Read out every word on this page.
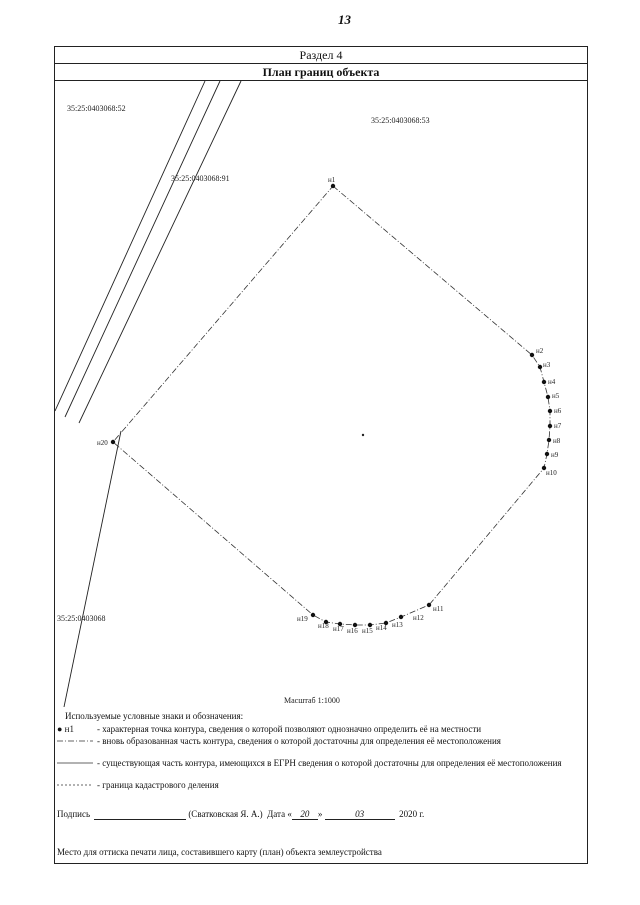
13
Раздел 4
План границ объекта
н1
н2
н3
н4
н5
н6
н7
н8
н9
н10
н11
н12
н13
н14
н15
н16
н17
н18
н19
н20
35:25:0403068:52
35:25:0403068:53
35:25:0403068:91
35:25:0403068
Масштаб 1:1000
Используемые условные знаки и обозначения:
● н1	- характерная точка контура, сведения о которой позволяют однозначно определить её на местности
- вновь образованная часть контура, сведения о которой достаточны для определения её местоположения
- существующая часть контура, имеющихся в ЕГРН сведения о которой достаточны для определения её местоположения
- граница кадастрового деления
Подпись	(Сватковская Я. А.) Дата « 20 »	03	2020 г.
Место для оттиска печати лица, составившего карту (план) объекта землеустройства
